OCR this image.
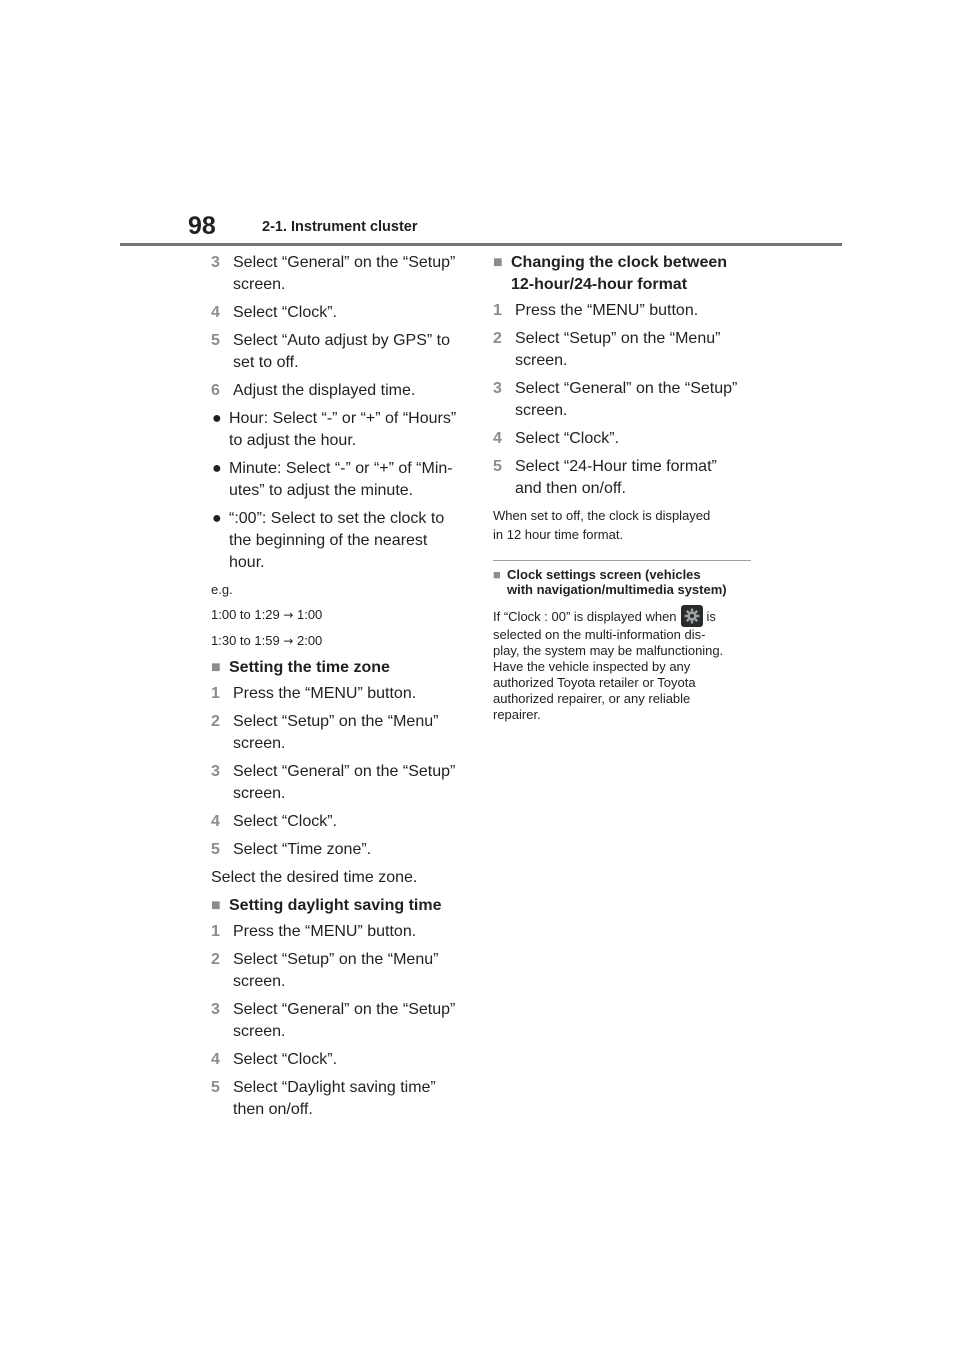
98	2-1. Instrument cluster
3 Select “General” on the “Setup”
screen.
4 Select “Clock”.
5 Select “Auto adjust by GPS” to
set to off.
6 Adjust the displayed time.
● Hour: Select “-” or “+” of “Hours”
to adjust the hour.
● Minute: Select “-” or “+” of “Min-
utes” to adjust the minute.
● “:00”: Select to set the clock to
the beginning of the nearest
hour.

e.g.

1:00 to 1:29 → 1:00

1:30 to 1:59 → 2:00

■ Setting the time zone
1 Press the “MENU” button.
2 Select “Setup” on the “Menu”
screen.
3 Select “General” on the “Setup”
screen.
4 Select “Clock”.
5 Select “Time zone”.

Select the desired time zone.

■ Setting daylight saving time
1 Press the “MENU” button.
2 Select “Setup” on the “Menu”
screen.
3 Select “General” on the “Setup”
screen.
4 Select “Clock”.
5 Select “Daylight saving time”
then on/off.
■ Changing the clock between
12-hour/24-hour format
1 Press the “MENU” button.
2 Select “Setup” on the “Menu”
screen.
3 Select “General” on the “Setup”
screen.
4 Select “Clock”.
5 Select “24-Hour time format”
and then on/off.

When set to off, the clock is displayed
in 12 hour time format.

■ Clock settings screen (vehicles
with navigation/multimedia system)
If “Clock : 00” is displayed when is
selected on the multi-information dis-
play, the system may be malfunctioning.
Have the vehicle inspected by any
authorized Toyota retailer or Toyota
authorized repairer, or any reliable
repairer.
